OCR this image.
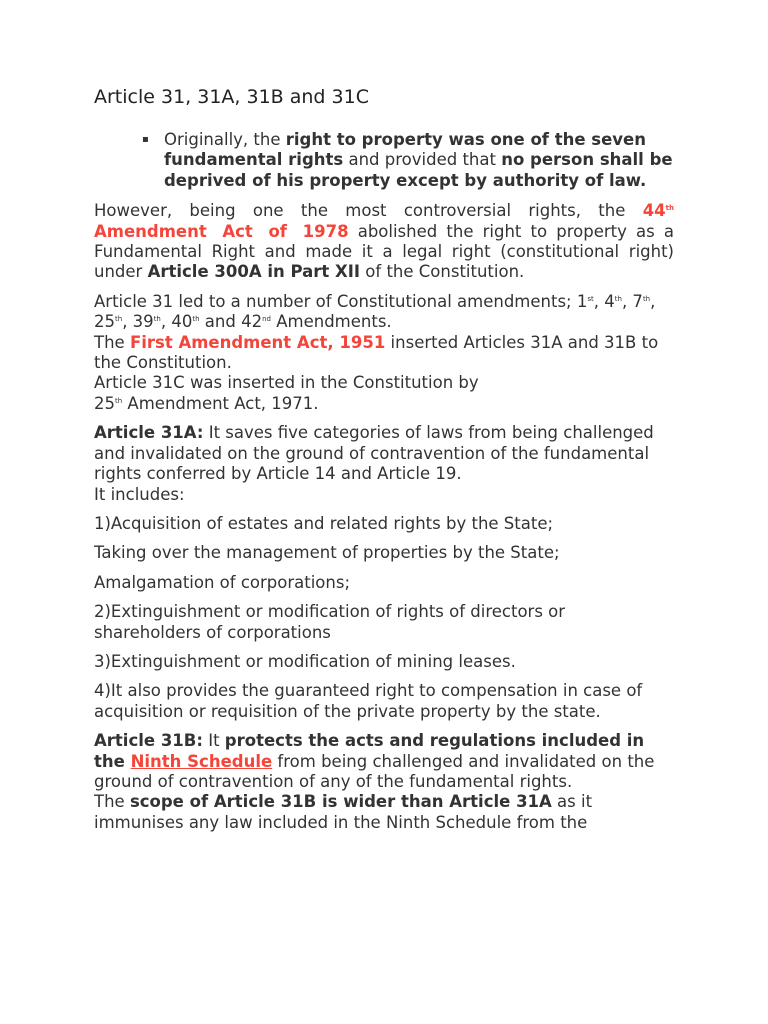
Article 31, 31A, 31B and 31C
▪ Originally, the right to property was one of the seven fundamental rights and provided that no person shall be deprived of his property except by authority of law.

However, being one the most controversial rights, the 44th Amendment Act of 1978 abolished the right to property as a Fundamental Right and made it a legal right (constitutional right) under Article 300A in Part XII of the Constitution.

Article 31 led to a number of Constitutional amendments; 1st, 4th, 7th, 25th, 39th, 40th and 42nd Amendments.

The First Amendment Act, 1951 inserted Articles 31A and 31B to the Constitution.

Article 31C was inserted in the Constitution by
25th Amendment Act, 1971.

Article 31A: It saves five categories of laws from being challenged and invalidated on the ground of contravention of the fundamental rights conferred by Article 14 and Article 19.

It includes:

1)Acquisition of estates and related rights by the State;

Taking over the management of properties by the State;

Amalgamation of corporations;

2)Extinguishment or modification of rights of directors or shareholders of corporations

3)Extinguishment or modification of mining leases.

4)It also provides the guaranteed right to compensation in case of acquisition or requisition of the private property by the state.

Article 31B: It protects the acts and regulations included in the Ninth Schedule from being challenged and invalidated on the ground of contravention of any of the fundamental rights.

The scope of Article 31B is wider than Article 31A as it immunises any law included in the Ninth Schedule from the
